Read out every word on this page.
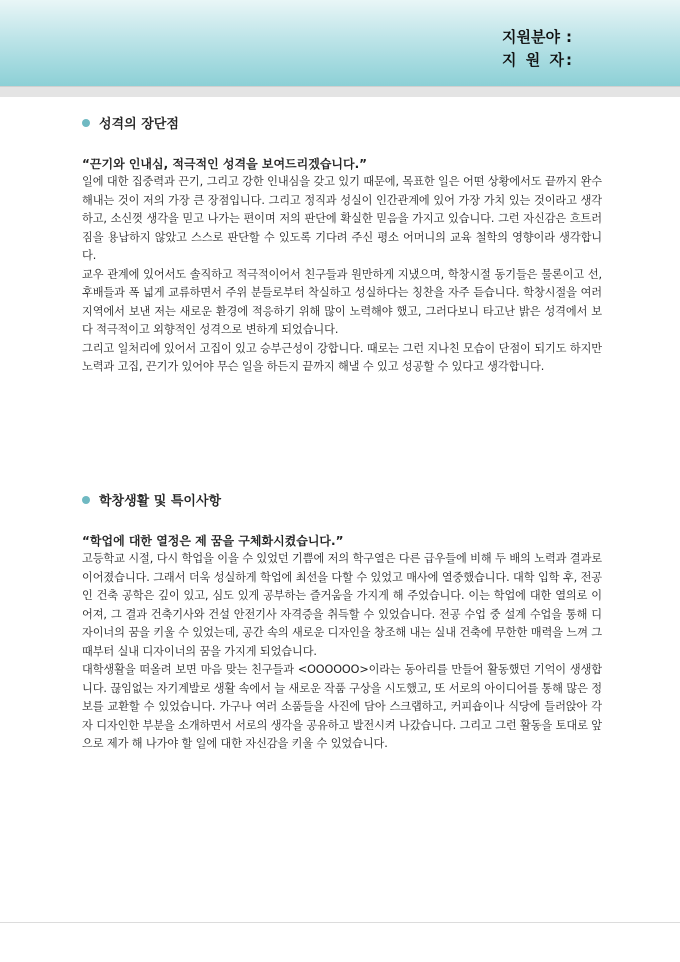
지원분야 :
지 원 자 :
성격의 장단점
“끈기와 인내심, 적극적인 성격을 보여드리겠습니다.”

일에 대한 집중력과 끈기, 그리고 강한 인내심을 갖고 있기 때문에, 목표한 일은 어떤 상황에서도 끝까지 완수해내는 것이 저의 가장 큰 장점입니다. 그리고 정직과 성실이 인간관계에 있어 가장 가치 있는 것이라고 생각하고, 소신껏 생각을 믿고 나가는 편이며 저의 판단에 확실한 믿음을 가지고 있습니다. 그런 자신감은 흐트러짐을 용납하지 않았고 스스로 판단할 수 있도록 기다려 주신 평소 어머니의 교육 철학의 영향이라 생각합니다.

교우 관계에 있어서도 솔직하고 적극적이어서 친구들과 원만하게 지냈으며, 학창시절 동기들은 물론이고 선, 후배들과 폭 넓게 교류하면서 주위 분들로부터 착실하고 성실하다는 칭찬을 자주 듣습니다. 학창시절을 여러 지역에서 보낸 저는 새로운 환경에 적응하기 위해 많이 노력해야 했고, 그러다보니 타고난 밝은 성격에서 보다 적극적이고 외향적인 성격으로 변하게 되었습니다.

그리고 일처리에 있어서 고집이 있고 승부근성이 강합니다. 때로는 그런 지나친 모습이 단점이 되기도 하지만 노력과 고집, 끈기가 있어야 무슨 일을 하든지 끝까지 해낼 수 있고 성공할 수 있다고 생각합니다.

학창생활 및 특이사항
“학업에 대한 열정은 제 꿈을 구체화시켰습니다.”

고등학교 시절, 다시 학업을 이을 수 있었던 기쁨에 저의 학구열은 다른 급우들에 비해 두 배의 노력과 결과로 이어졌습니다. 그래서 더욱 성실하게 학업에 최선을 다할 수 있었고 매사에 열중했습니다. 대학 입학 후, 전공인 건축 공학은 깊이 있고, 심도 있게 공부하는 즐거움을 가지게 해 주었습니다. 이는 학업에 대한 열의로 이어져, 그 결과 건축기사와 건설 안전기사 자격증을 취득할 수 있었습니다. 전공 수업 중 설계 수업을 통해 디자이너의 꿈을 키울 수 있었는데, 공간 속의 새로운 디자인을 창조해 내는 실내 건축에 무한한 매력을 느껴 그 때부터 실내 디자이너의 꿈을 가지게 되었습니다.

대학생활을 떠올려 보면 마음 맞는 친구들과 <OOOOOO>이라는 동아리를 만들어 활동했던 기억이 생생합니다. 끊임없는 자기계발로 생활 속에서 늘 새로운 작품 구상을 시도했고, 또 서로의 아이디어를 통해 많은 정보를 교환할 수 있었습니다. 가구나 여러 소품들을 사진에 담아 스크랩하고, 커피숍이나 식당에 들러앉아 각자 디자인한 부분을 소개하면서 서로의 생각을 공유하고 발전시켜 나갔습니다. 그리고 그런 활동을 토대로 앞으로 제가 해 나가야 할 일에 대한 자신감을 키울 수 있었습니다.
